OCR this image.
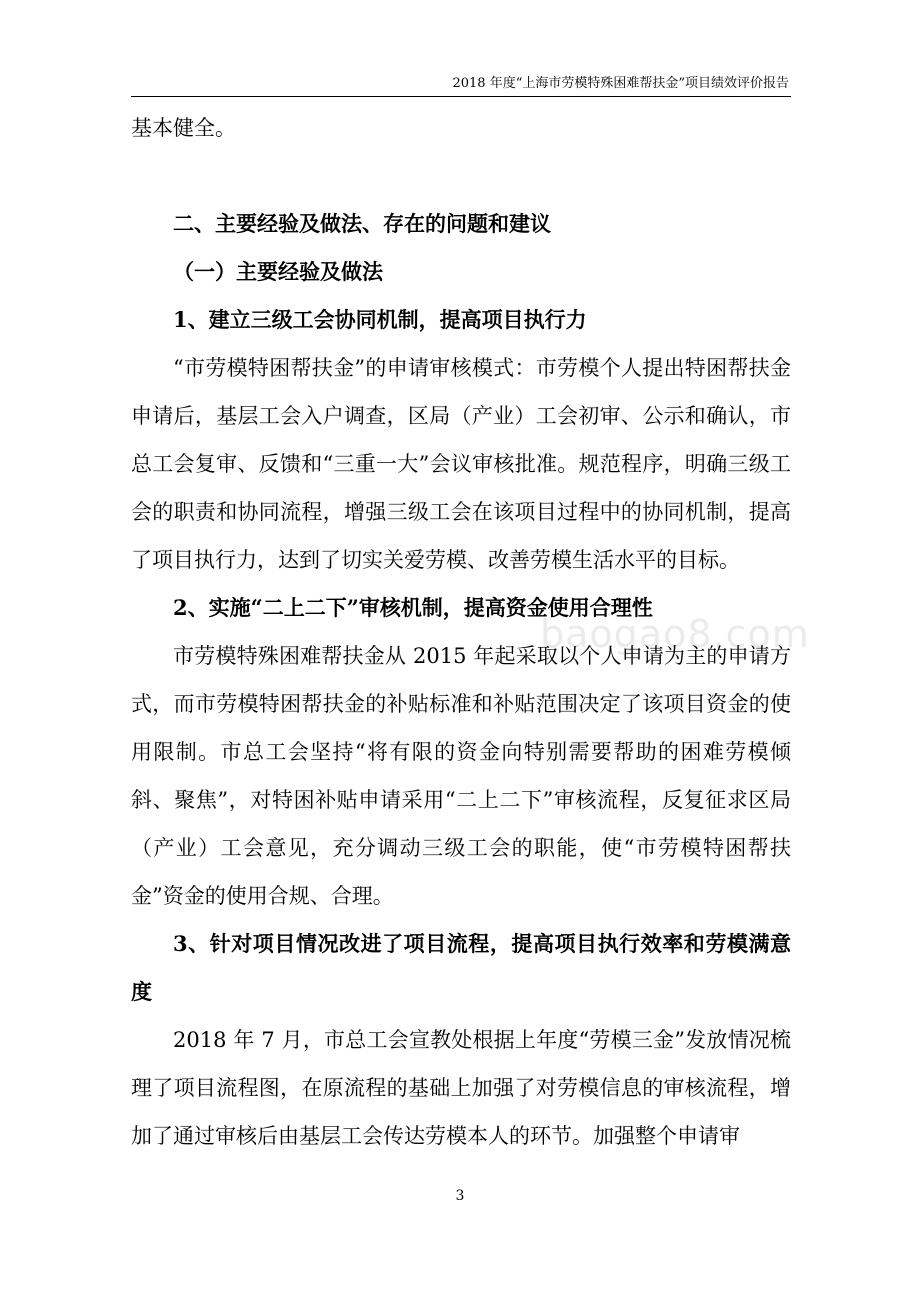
2018 年度“上海市劳模特殊困难帮扶金”项目绩效评价报告

基本健全。

二、主要经验及做法、存在的问题和建议

（一）主要经验及做法

1、建立三级工会协同机制，提高项目执行力

“市劳模特困帮扶金”的申请审核模式：市劳模个人提出特困帮扶金申请后，基层工会入户调查，区局（产业）工会初审、公示和确认，市总工会复审、反馈和“三重一大”会议审核批准。规范程序，明确三级工会的职责和协同流程，增强三级工会在该项目过程中的协同机制，提高了项目执行力，达到了切实关爱劳模、改善劳模生活水平的目标。

2、实施“二上二下”审核机制，提高资金使用合理性

市劳模特殊困难帮扶金从 2015 年起采取以个人申请为主的申请方式，而市劳模特困帮扶金的补贴标准和补贴范围决定了该项目资金的使用限制。市总工会坚持“将有限的资金向特别需要帮助的困难劳模倾斜、聚焦”，对特困补贴申请采用“二上二下”审核流程，反复征求区局（产业）工会意见，充分调动三级工会的职能，使“市劳模特困帮扶金”资金的使用合规、合理。

3、针对项目情况改进了项目流程，提高项目执行效率和劳模满意度

2018 年 7 月，市总工会宣教处根据上年度“劳模三金”发放情况梳理了项目流程图，在原流程的基础上加强了对劳模信息的审核流程，增加了通过审核后由基层工会传达劳模本人的环节。加强整个申请审

baogao8.com
3
